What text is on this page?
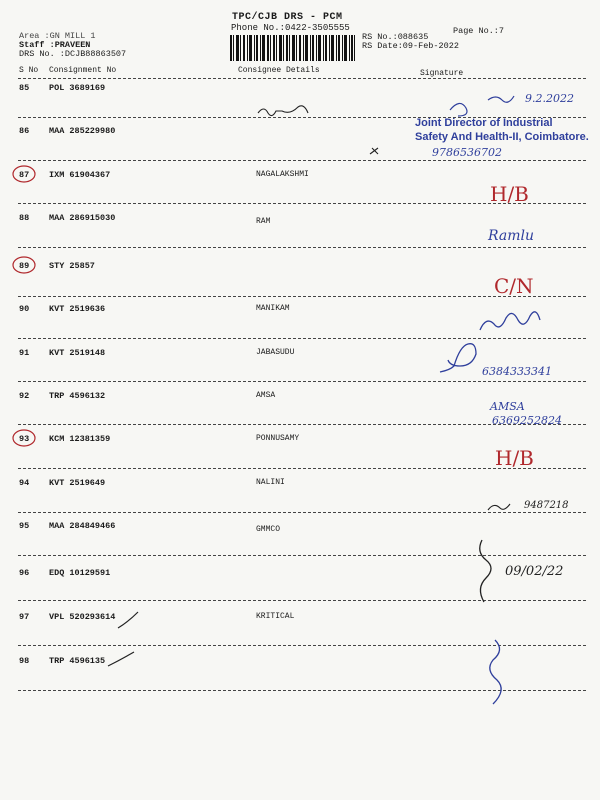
TPC/CJB DRS - PCM
Phone No.:0422-3505555
Area :GN MILL 1
Staff :PRAVEEN
DRS No. :DCJB88863507
RS No.:088635
RS Date:09-Feb-2022
Page No.:7
S No Consignment No	Consignee Details	Signature
85 POL 3689169
86 MAA 285229980
87 IXM 61904367	NAGALAKSHMI
88 MAA 286915030	RAM
89 STY 25857
90 KVT 2519636	MANIKAM
91 KVT 2519148	JABASUDU
92 TRP 4596132	AMSA
93 KCM 12381359	PONNUSAMY
94 KVT 2519649	NALINI
95 MAA 284849466	GMMCO
96 EDQ 10129591
97 VPL 520293614	KRITICAL
98 TRP 4596135
Joint Director of Industrial
Safety And Health-II, Coimbatore.
9.2.2022
9786536702
H/B
Ramlu
C/N
6384333341
AMSA
6369252824
H/B
9487218
09/02/22
